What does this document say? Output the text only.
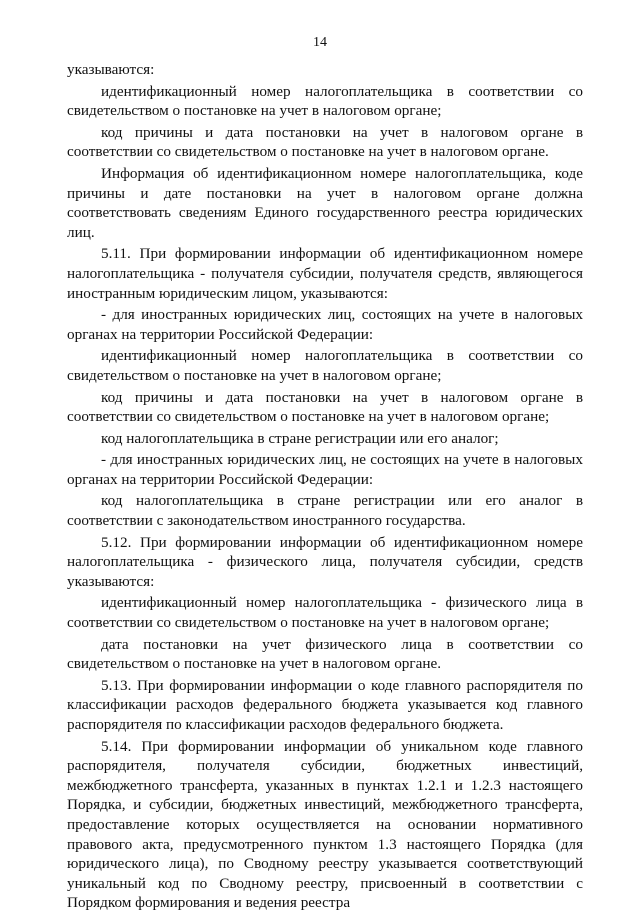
14

указываются:

идентификационный номер налогоплательщика в соответствии со свидетельством о постановке на учет в налоговом органе;

код причины и дата постановки на учет в налоговом органе в соответствии со свидетельством о постановке на учет в налоговом органе.

Информация об идентификационном номере налогоплательщика, коде причины и дате постановки на учет в налоговом органе должна соответствовать сведениям Единого государственного реестра юридических лиц.

5.11. При формировании информации об идентификационном номере налогоплательщика - получателя субсидии, получателя средств, являющегося иностранным юридическим лицом, указываются:

- для иностранных юридических лиц, состоящих на учете в налоговых органах на территории Российской Федерации:

идентификационный номер налогоплательщика в соответствии со свидетельством о постановке на учет в налоговом органе;

код причины и дата постановки на учет в налоговом органе в соответствии со свидетельством о постановке на учет в налоговом органе;

код налогоплательщика в стране регистрации или его аналог;

- для иностранных юридических лиц, не состоящих на учете в налоговых органах на территории Российской Федерации:

код налогоплательщика в стране регистрации или его аналог в соответствии с законодательством иностранного государства.

5.12. При формировании информации об идентификационном номере налогоплательщика - физического лица, получателя субсидии, средств указываются:

идентификационный номер налогоплательщика - физического лица в соответствии со свидетельством о постановке на учет в налоговом органе;

дата постановки на учет физического лица в соответствии со свидетельством о постановке на учет в налоговом органе.

5.13. При формировании информации о коде главного распорядителя по классификации расходов федерального бюджета указывается код главного распорядителя по классификации расходов федерального бюджета.

5.14. При формировании информации об уникальном коде главного распорядителя, получателя субсидии, бюджетных инвестиций, межбюджетного трансферта, указанных в пунктах 1.2.1 и 1.2.3 настоящего Порядка, и субсидии, бюджетных инвестиций, межбюджетного трансферта, предоставление которых осуществляется на основании нормативного правового акта, предусмотренного пунктом 1.3 настоящего Порядка (для юридического лица), по Сводному реестру указывается соответствующий уникальный код по Сводному реестру, присвоенный в соответствии с Порядком формирования и ведения реестра
